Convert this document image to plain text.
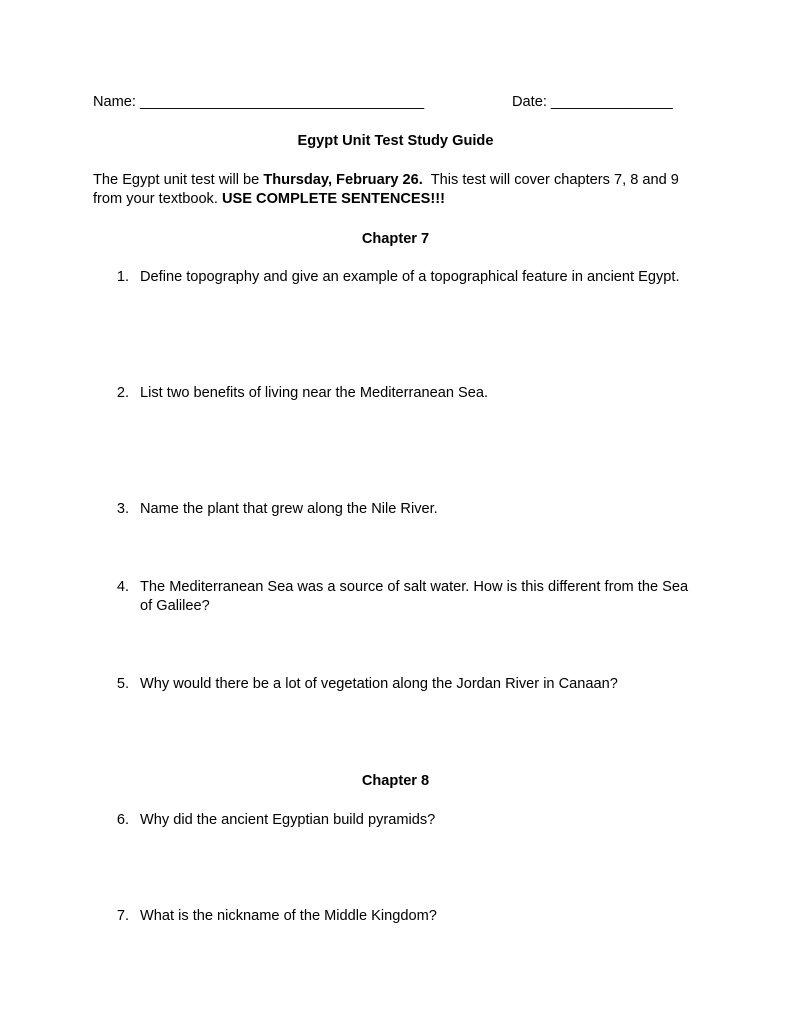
Name: ___________________________________	Date: _______________
Egypt Unit Test Study Guide
The Egypt unit test will be Thursday, February 26.  This test will cover chapters 7, 8 and 9
from your textbook. USE COMPLETE SENTENCES!!!
Chapter 7
1. Define topography and give an example of a topographical feature in ancient Egypt.
2. List two benefits of living near the Mediterranean Sea.
3. Name the plant that grew along the Nile River.
4. The Mediterranean Sea was a source of salt water. How is this different from the Sea of Galilee?
5. Why would there be a lot of vegetation along the Jordan River in Canaan?
Chapter 8
6. Why did the ancient Egyptian build pyramids?
7. What is the nickname of the Middle Kingdom?
